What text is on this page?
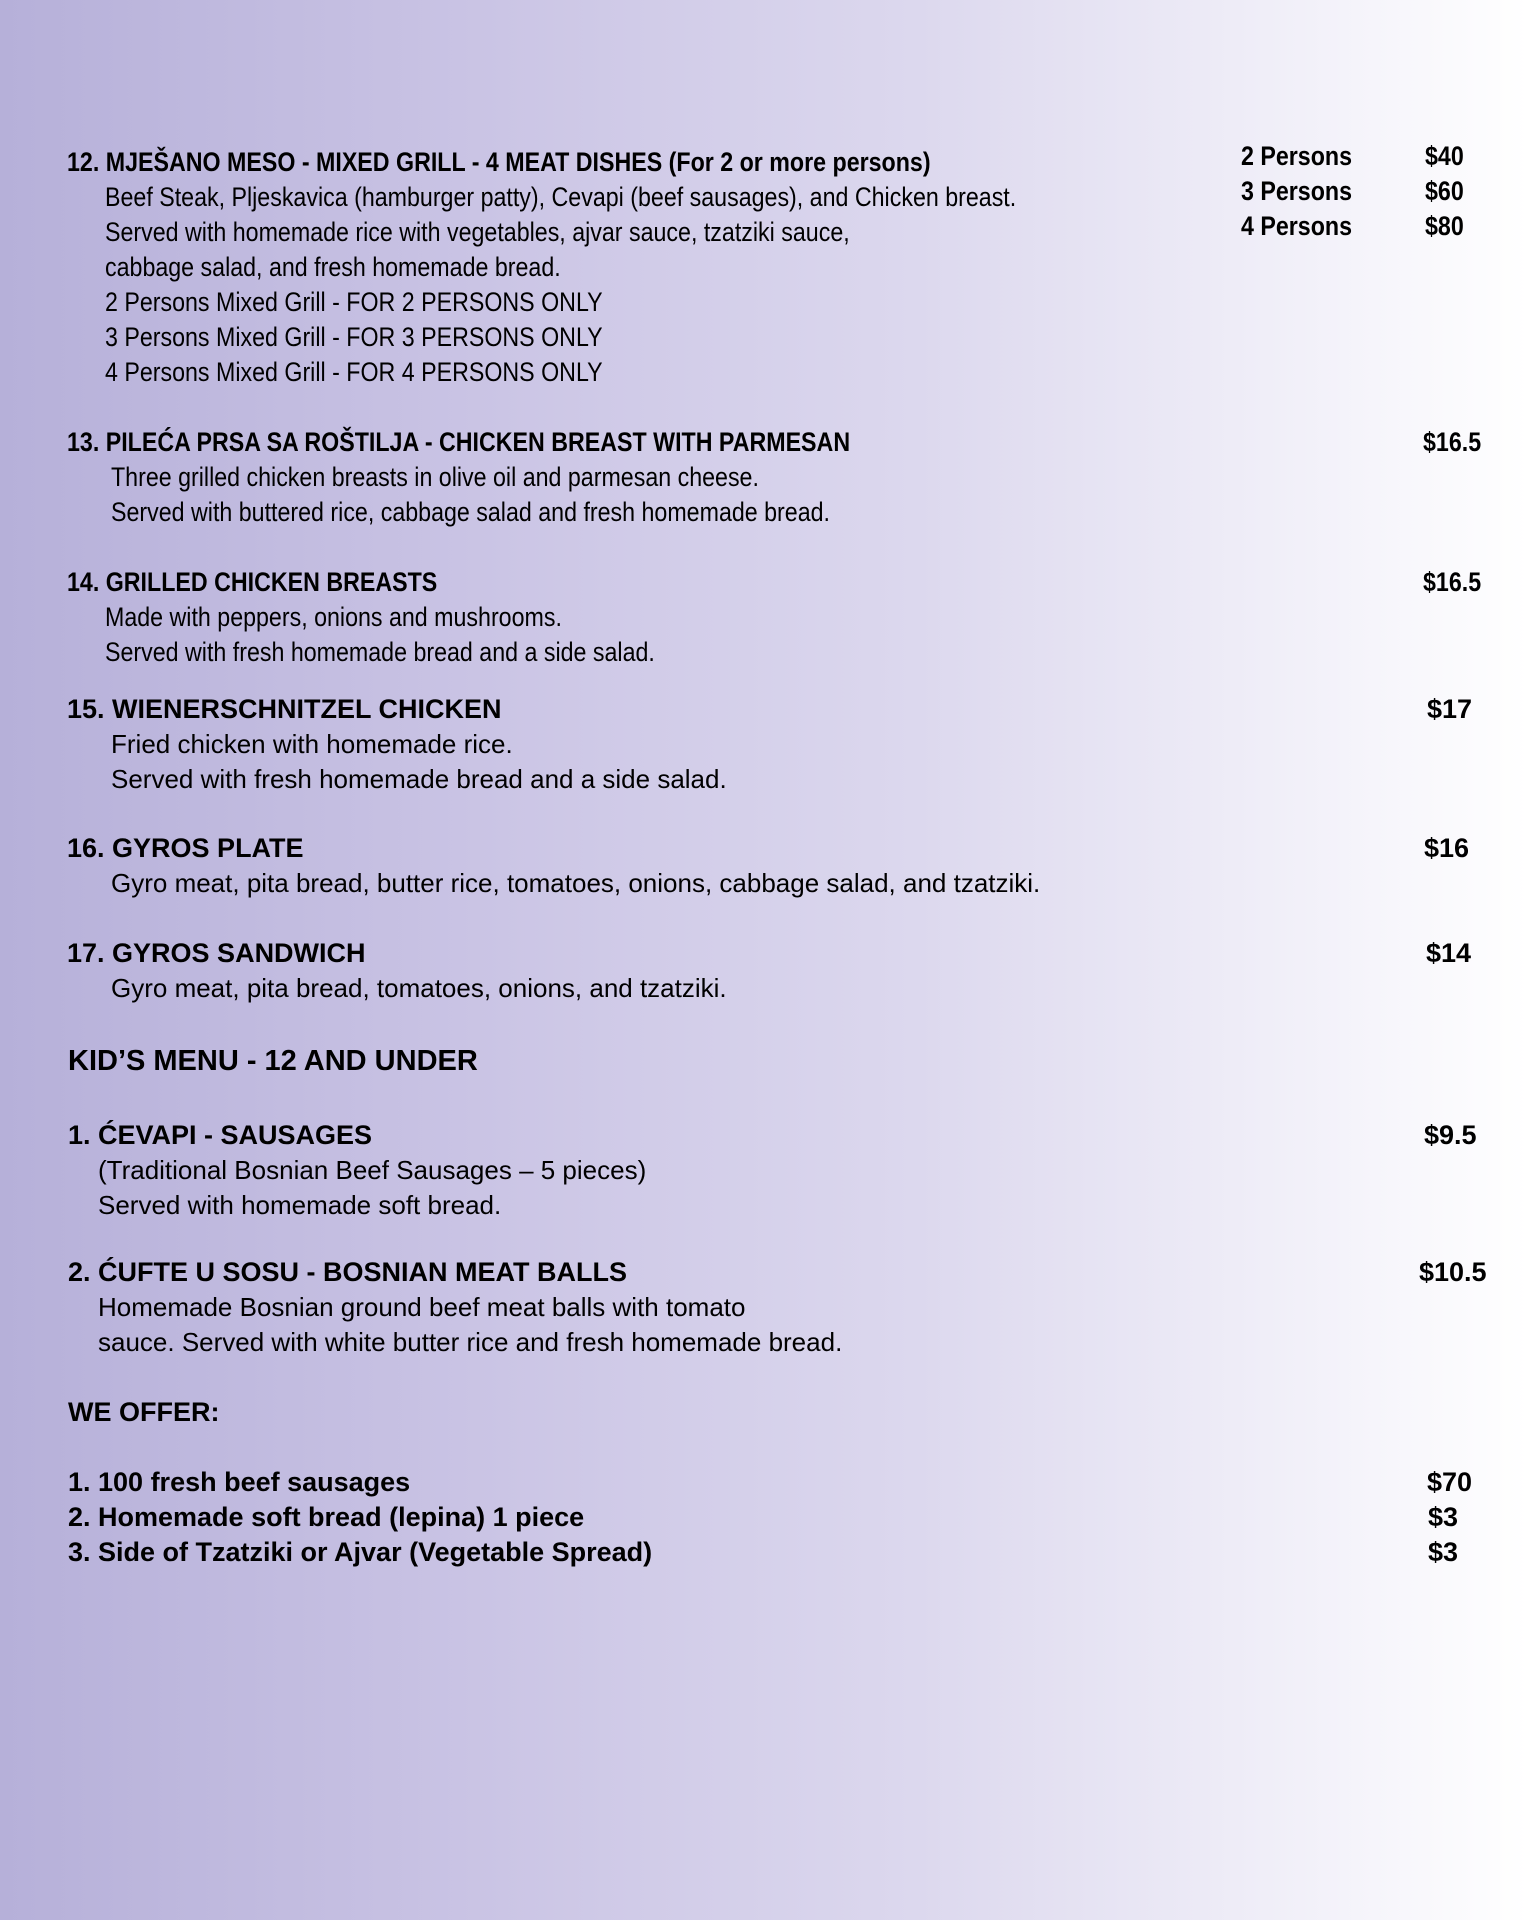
12. MJEŠANO MESO - MIXED GRILL - 4 MEAT DISHES (For 2 or more persons)
Beef Steak, Pljeskavica (hamburger patty), Cevapi (beef sausages), and Chicken breast.
Served with homemade rice with vegetables, ajvar sauce, tzatziki sauce,
cabbage salad, and fresh homemade bread.
2 Persons Mixed Grill - FOR 2 PERSONS ONLY
3 Persons Mixed Grill - FOR 3 PERSONS ONLY
4 Persons Mixed Grill - FOR 4 PERSONS ONLY
2 Persons	$40
3 Persons	$60
4 Persons	$80
13. PILEĆA PRSA SA ROŠTILJA - CHICKEN BREAST WITH PARMESAN	$16.5
Three grilled chicken breasts in olive oil and parmesan cheese.
Served with buttered rice, cabbage salad and fresh homemade bread.
14. GRILLED CHICKEN BREASTS	$16.5
Made with peppers, onions and mushrooms.
Served with fresh homemade bread and a side salad.
15. WIENERSCHNITZEL CHICKEN	$17
Fried chicken with homemade rice.
Served with fresh homemade bread and a side salad.
16. GYROS PLATE	$16
Gyro meat, pita bread, butter rice, tomatoes, onions, cabbage salad, and tzatziki.
17. GYROS SANDWICH	$14
Gyro meat, pita bread, tomatoes, onions, and tzatziki.
KID’S MENU - 12 AND UNDER
1. ĆEVAPI - SAUSAGES	$9.5
(Traditional Bosnian Beef Sausages – 5 pieces)
Served with homemade soft bread.
2. ĆUFTE U SOSU - BOSNIAN MEAT BALLS	$10.5
Homemade Bosnian ground beef meat balls with tomato
sauce. Served with white butter rice and fresh homemade bread.
WE OFFER:
1. 100 fresh beef sausages	$70
2. Homemade soft bread (lepina) 1 piece	$3
3. Side of Tzatziki or Ajvar (Vegetable Spread)	$3
